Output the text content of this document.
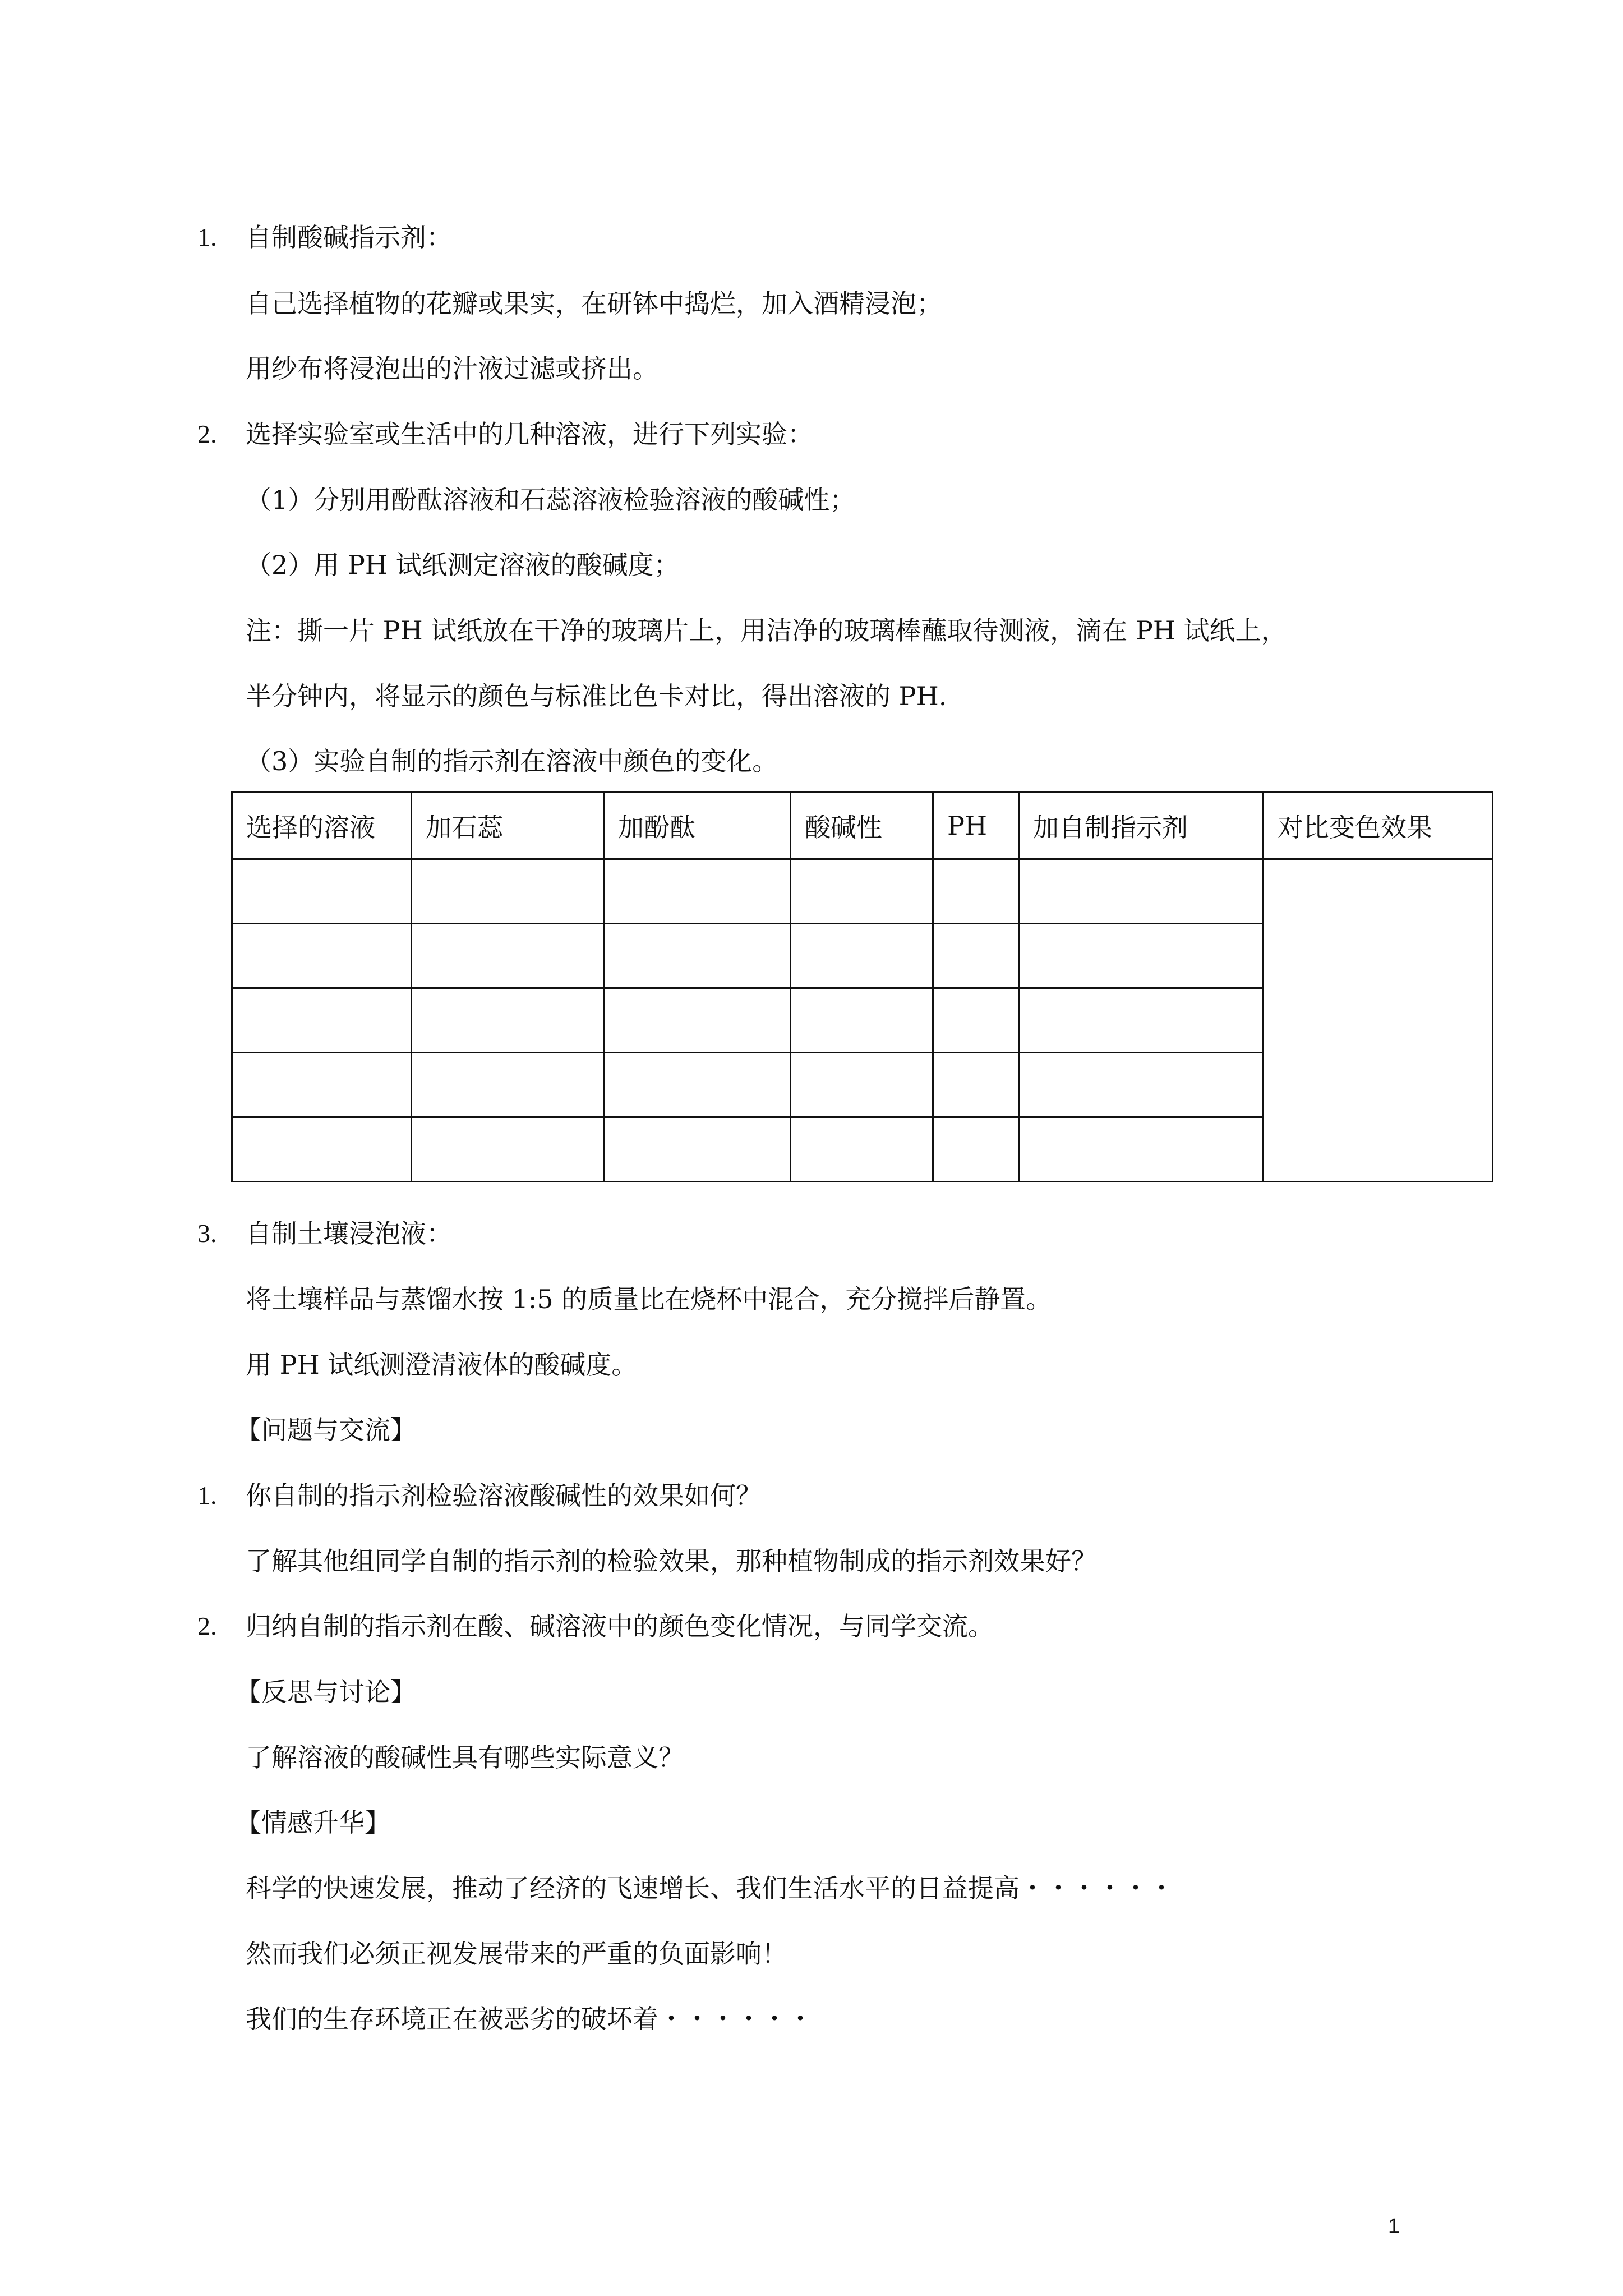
1. 自制酸碱指示剂：
自己选择植物的花瓣或果实，在研钵中捣烂，加入酒精浸泡；
用纱布将浸泡出的汁液过滤或挤出。
2. 选择实验室或生活中的几种溶液，进行下列实验：
（1）分别用酚酞溶液和石蕊溶液检验溶液的酸碱性；
（2）用 PH 试纸测定溶液的酸碱度；
注：撕一片 PH 试纸放在干净的玻璃片上，用洁净的玻璃棒蘸取待测液，滴在 PH 试纸上，
半分钟内，将显示的颜色与标准比色卡对比，得出溶液的 PH.
（3）实验自制的指示剂在溶液中颜色的变化。
选择的溶液	加石蕊	加酚酞	酸碱性	PH	加自制指示剂	对比变色效果

3. 自制土壤浸泡液：
将土壤样品与蒸馏水按 1:5 的质量比在烧杯中混合，充分搅拌后静置。
用 PH 试纸测澄清液体的酸碱度。
【问题与交流】
1. 你自制的指示剂检验溶液酸碱性的效果如何？
了解其他组同学自制的指示剂的检验效果，那种植物制成的指示剂效果好？
2. 归纳自制的指示剂在酸、碱溶液中的颜色变化情况，与同学交流。
【反思与讨论】
了解溶液的酸碱性具有哪些实际意义？
【情感升华】
科学的快速发展，推动了经济的飞速增长、我们生活水平的日益提高・・・・・・
然而我们必须正视发展带来的严重的负面影响！
我们的生存环境正在被恶劣的破坏着・・・・・・
1
